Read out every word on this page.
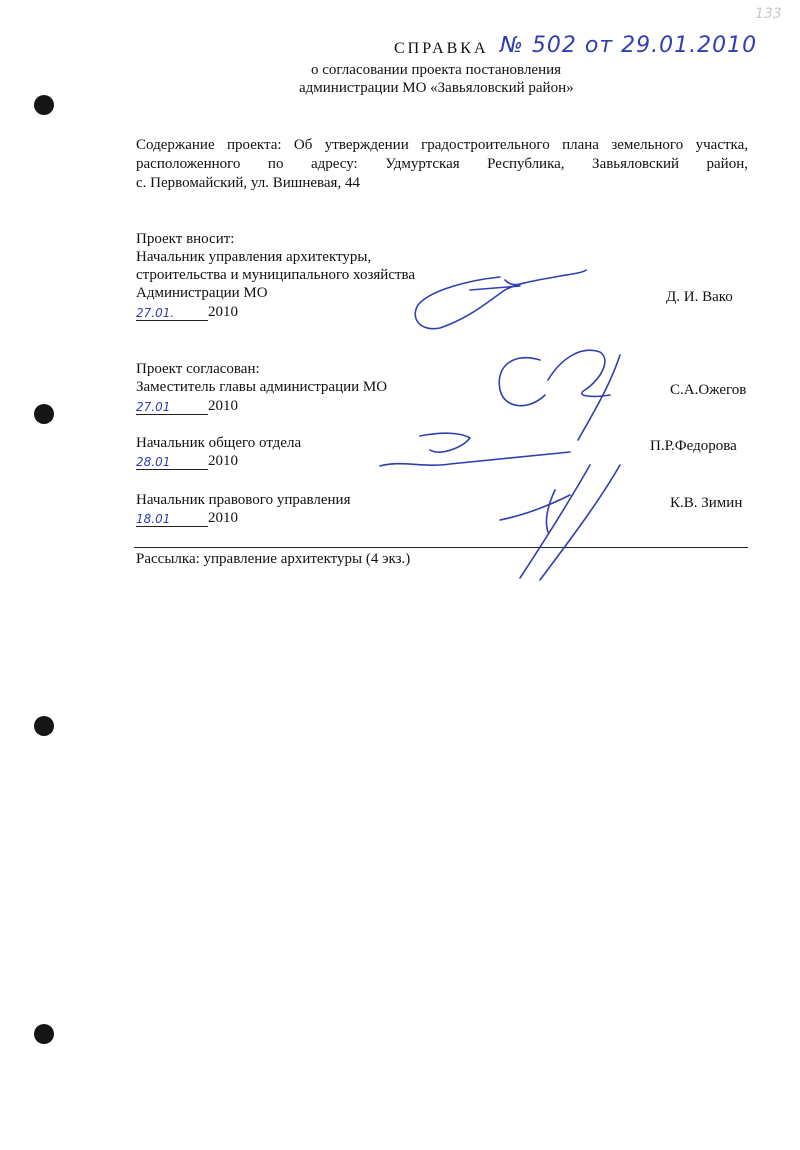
133
СПРАВКА № 502 от 29.01.2010
о согласовании проекта постановления
администрации МО «Завьяловский район»
Содержание проекта: Об утверждении градостроительного плана земельного участка,
расположенного по адресу: Удмуртская Республика, Завьяловский район,
с. Первомайский, ул. Вишневая, 44
Проект вносит:
Начальник управления архитектуры,
строительства и муниципального хозяйства
Администрации МО
27.01. 2010
Д. И. Вако
Проект согласован:
Заместитель главы администрации МО
27.01	2010
С.А.Ожегов
Начальник общего отдела
28.01	2010
П.Р.Федорова
Начальник правового управления
18.01	2010
К.В. Зимин
Рассылка: управление архитектуры (4 экз.)
